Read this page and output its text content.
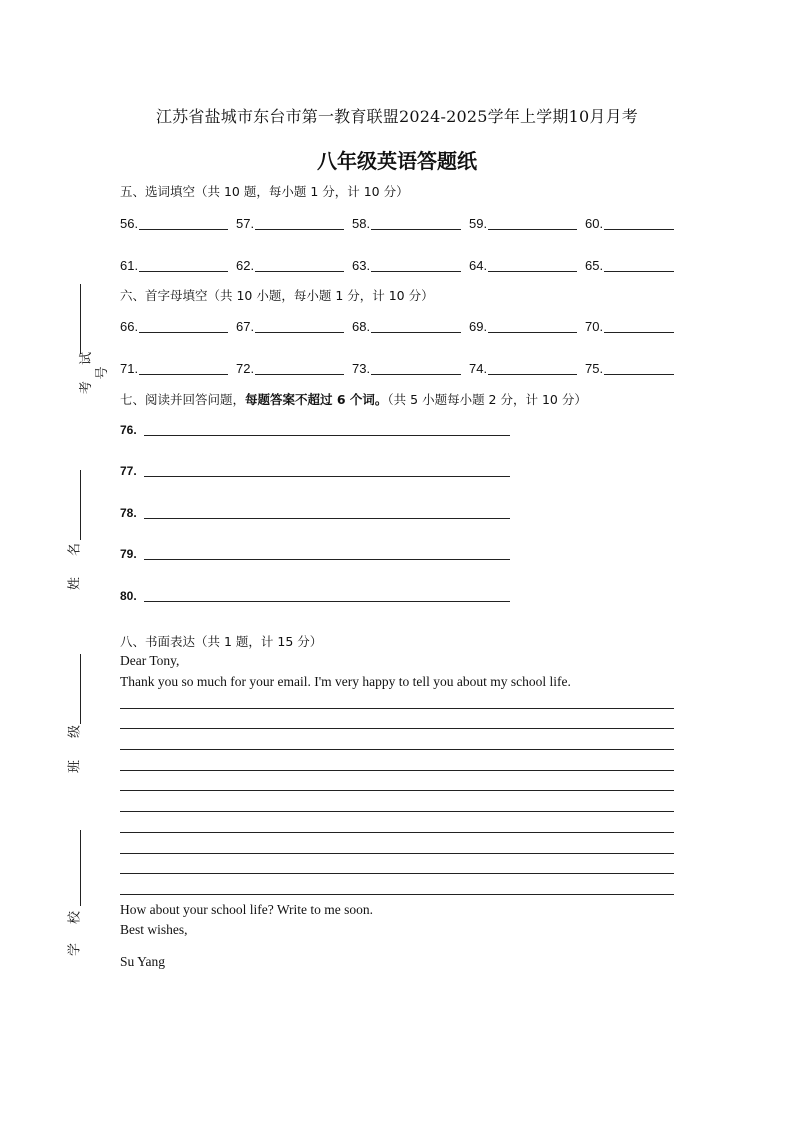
考 试 号
名
姓
级
班
校
学
江苏省盐城市东台市第一教育联盟2024-2025学年上学期10月月考
八年级英语答题纸
五、选词填空（共 10 题，每小题 1 分，计 10 分）
56.	57.	58.	59.	60.
61.	62.	63.	64.	65.
六、首字母填空（共 10 小题，每小题 1 分，计 10 分）
66.	67.	68.	69.	70.
71.	72.	73.	74.	75.
七、阅读并回答问题，每题答案不超过 6 个词。（共 5 小题每小题 2 分，计 10 分）
76.
77.
78.
79.
80.
八、书面表达（共 1 题，计 15 分）
Dear Tony,
Thank you so much for your email. I'm very happy to tell you about my school life.
How about your school life? Write to me soon.
Best wishes,
Su Yang
